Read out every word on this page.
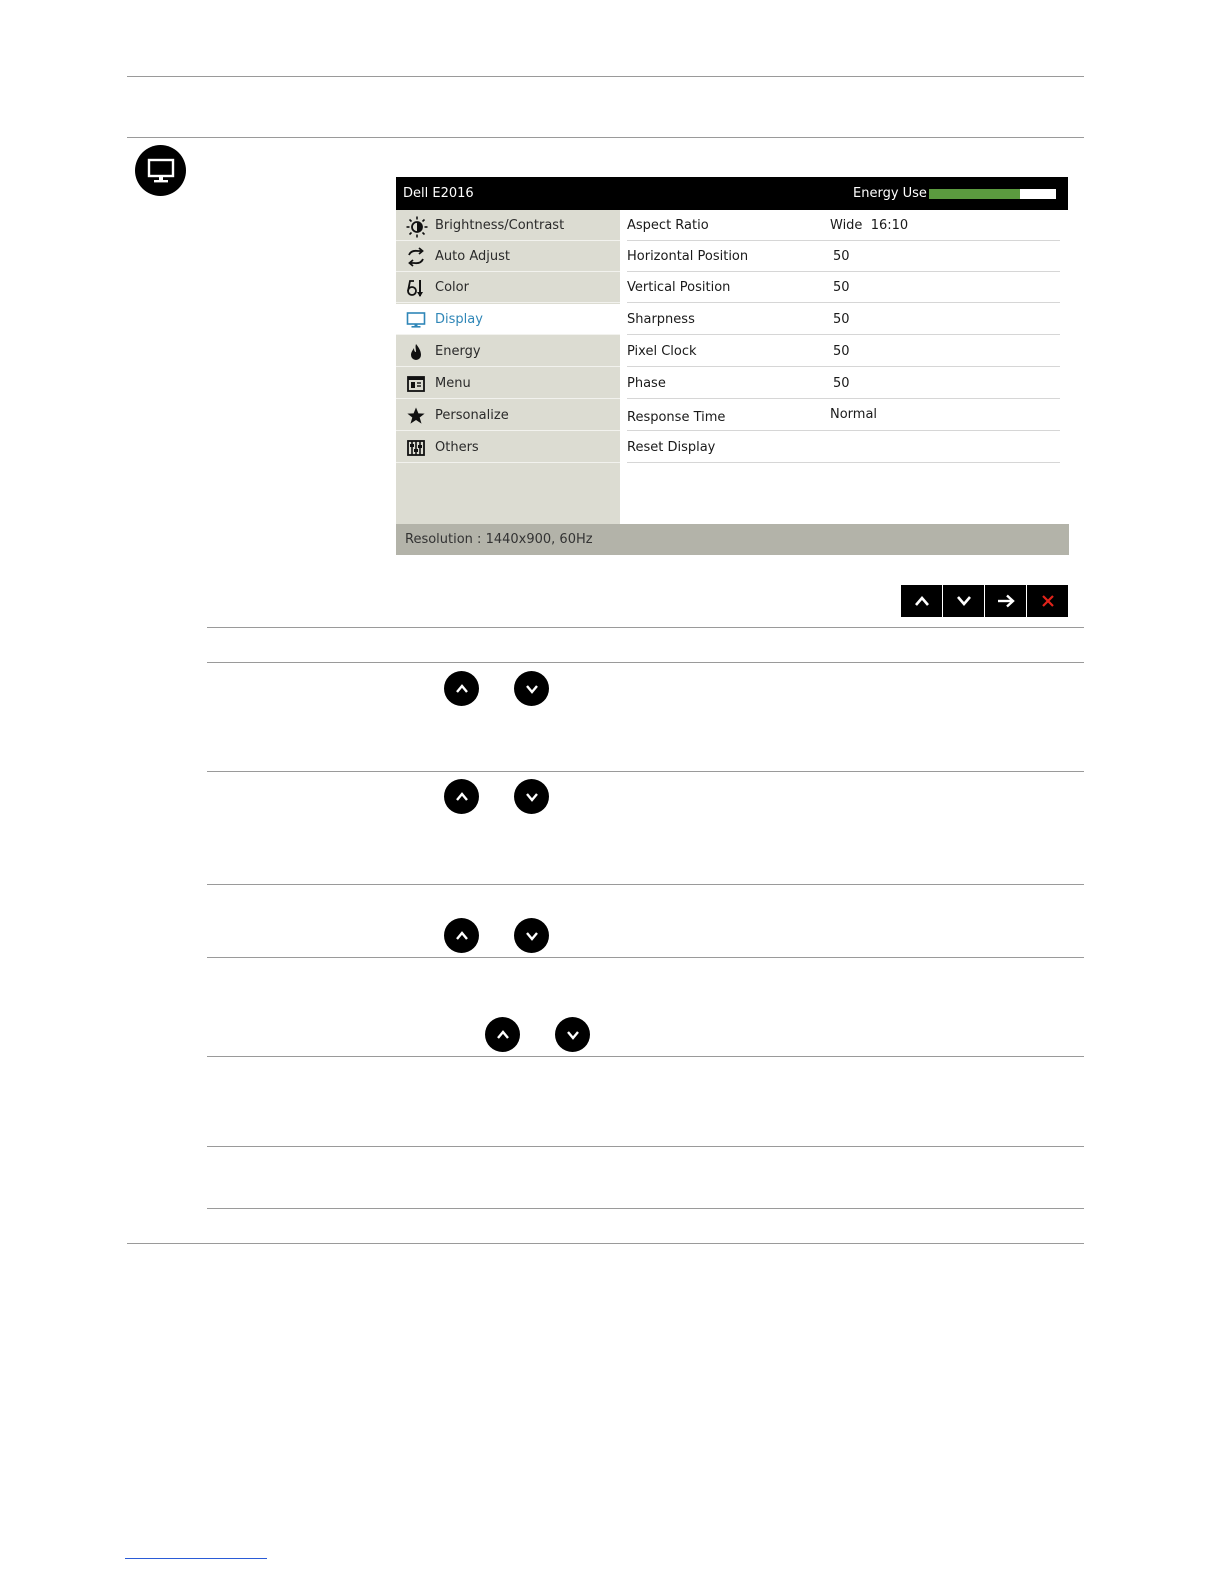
Dell E2016	Energy Use
Brightness/Contrast
Auto Adjust
Color
Display
Energy
Menu
Personalize
Others
Aspect Ratio	Wide  16:10
Horizontal Position	50
Vertical Position	50
Sharpness	50
Pixel Clock	50
Phase	50
Response Time	Normal
Reset Display
Resolution : 1440x900, 60Hz
